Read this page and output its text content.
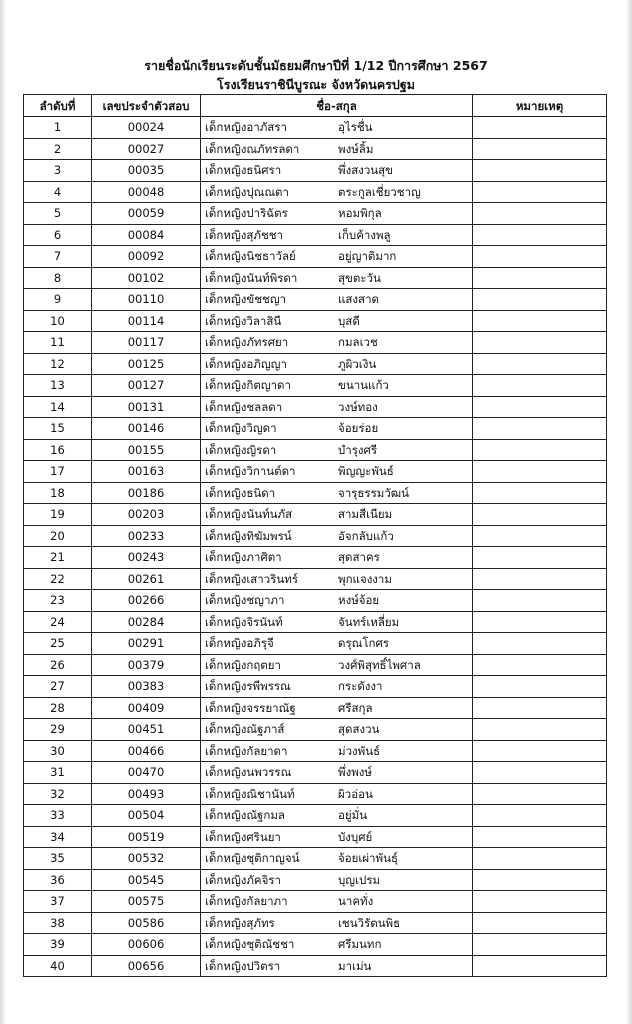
รายชื่อนักเรียนระดับชั้นมัธยมศึกษาปีที่ 1/12 ปีการศึกษา 2567
โรงเรียนราชินีบูรณะ จังหวัดนครปฐม
ลำดับที่	เลขประจำตัวสอบ	ชื่อ-สกุล	หมายเหตุ
1	00024	เด็กหญิงอาภัสรา อุไรชื่น	
2	00027	เด็กหญิงณภัทรลดา พงษ์ลิ้ม	
3	00035	เด็กหญิงธนิศรา พึ่งสงวนสุข	
4	00048	เด็กหญิงปุณณตา ตระกูลเชี่ยวชาญ	
5	00059	เด็กหญิงปาริฉัตร หอมพิกุล	
6	00084	เด็กหญิงสุภัชชา เก็บค้างพลู	
7	00092	เด็กหญิงนิชธาวัลย์ อยู่ญาติมาก	
8	00102	เด็กหญิงนันท์พิรดา สุขตะวัน	
9	00110	เด็กหญิงขัชชญา แสงสาด	
10	00114	เด็กหญิงวิลาสินี บุสดี	
11	00117	เด็กหญิงภัทรศยา กมลเวช	
12	00125	เด็กหญิงอภิญญา ภูผิวเงิน	
13	00127	เด็กหญิงกิตญาดา ขนานแก้ว	
14	00131	เด็กหญิงชลลดา วงษ์ทอง	
15	00146	เด็กหญิงวิญดา จ้อยร่อย	
16	00155	เด็กหญิงญิรดา บำรุงศรี	
17	00163	เด็กหญิงวิกานต์ดา พิญญะพันธ์	
18	00186	เด็กหญิงธนิดา จารุธรรมวัฒน์	
19	00203	เด็กหญิงนันท์นภัส สามสีเนียม	
20	00233	เด็กหญิงทิฆัมพรน์ อัจกลับแก้ว	
21	00243	เด็กหญิงภาศิตา สุดสาคร	
22	00261	เด็กหญิงเสาวรินทร์ พุกแจงงาม	
23	00266	เด็กหญิงชญาภา หงษ์จ้อย	
24	00284	เด็กหญิงจิรนันท์ จันทร์เหลี่ยม	
25	00291	เด็กหญิงอภิรุจี ดรุณโกศร	
26	00379	เด็กหญิงกฤตยา วงศ์พิสุทธิ์ไพศาล	
27	00383	เด็กหญิงรพีพรรณ กระดังงา	
28	00409	เด็กหญิงจรรยาณัฐ ศรีสกุล	
29	00451	เด็กหญิงณัฐภาส์ สุดสงวน	
30	00466	เด็กหญิงกัลยาดา ม่วงพันธ์	
31	00470	เด็กหญิงนพวรรณ พึ่งพงษ์	
32	00493	เด็กหญิงณิชานันท์ ผิวอ่อน	
33	00504	เด็กหญิงณัฐกมล อยู่มั่น	
34	00519	เด็กหญิงศรินยา บังบุศย์	
35	00532	เด็กหญิงชุติกาญจน์ จ้อยเผ่าพันธุ์	
36	00545	เด็กหญิงภัคจิรา บุญเปรม	
37	00575	เด็กหญิงกัลยาภา นาคทั่ง	
38	00586	เด็กหญิงสุภัทร เชนวิรัตนพิธ	
39	00606	เด็กหญิงชุติณัชชา ศรีมนทก	
40	00656	เด็กหญิงปวิตรา มาเม่น	
